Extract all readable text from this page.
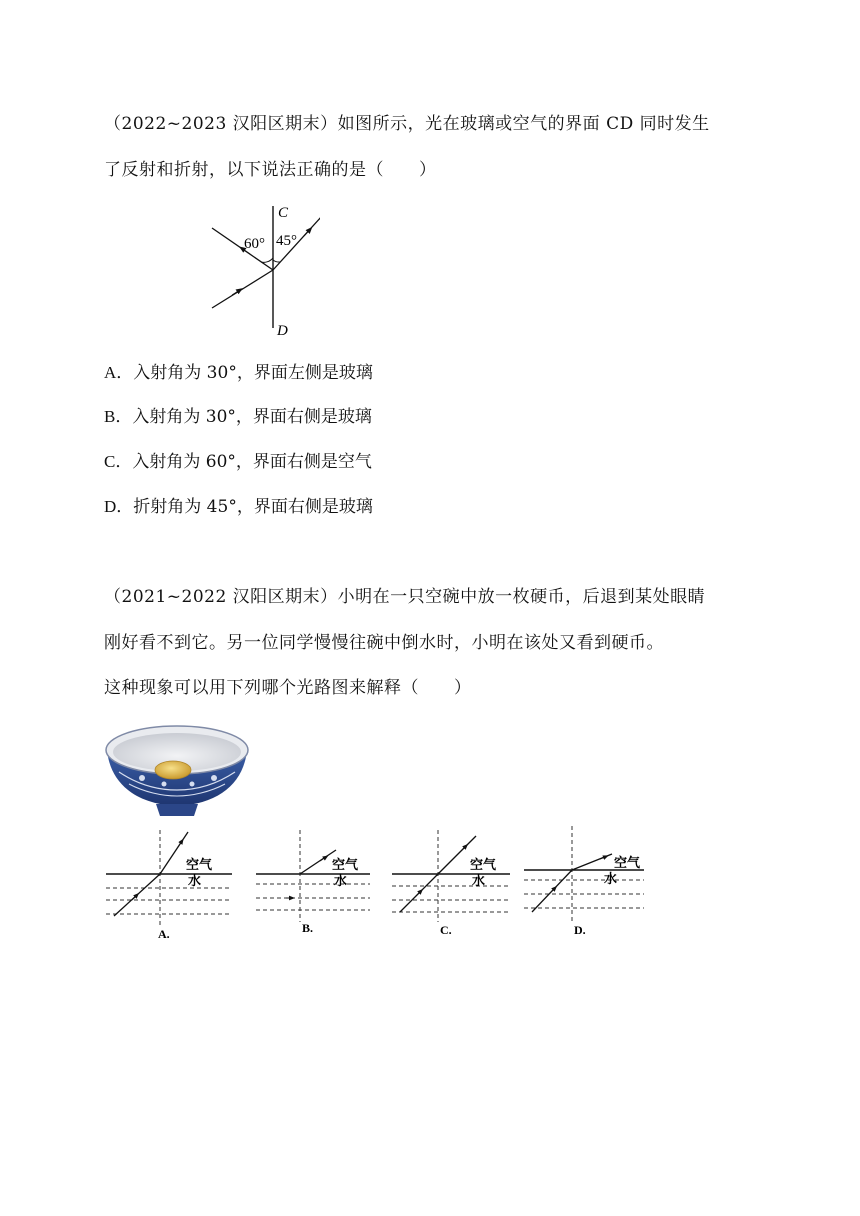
（2022~2023 汉阳区期末）如图所示，光在玻璃或空气的界面 CD 同时发生
了反射和折射，以下说法正确的是（　　）
C
D
60° 45°
A．入射角为 30°，界面左侧是玻璃
B．入射角为 30°，界面右侧是玻璃
C．入射角为 60°，界面右侧是空气
D．折射角为 45°，界面右侧是玻璃
（2021~2022 汉阳区期末）小明在一只空碗中放一枚硬币，后退到某处眼睛
刚好看不到它。另一位同学慢慢往碗中倒水时，小明在该处又看到硬币。
这种现象可以用下列哪个光路图来解释（　　）
空气
水
A.
空气
水
B.
空气
水
C.
空气
水
D.
